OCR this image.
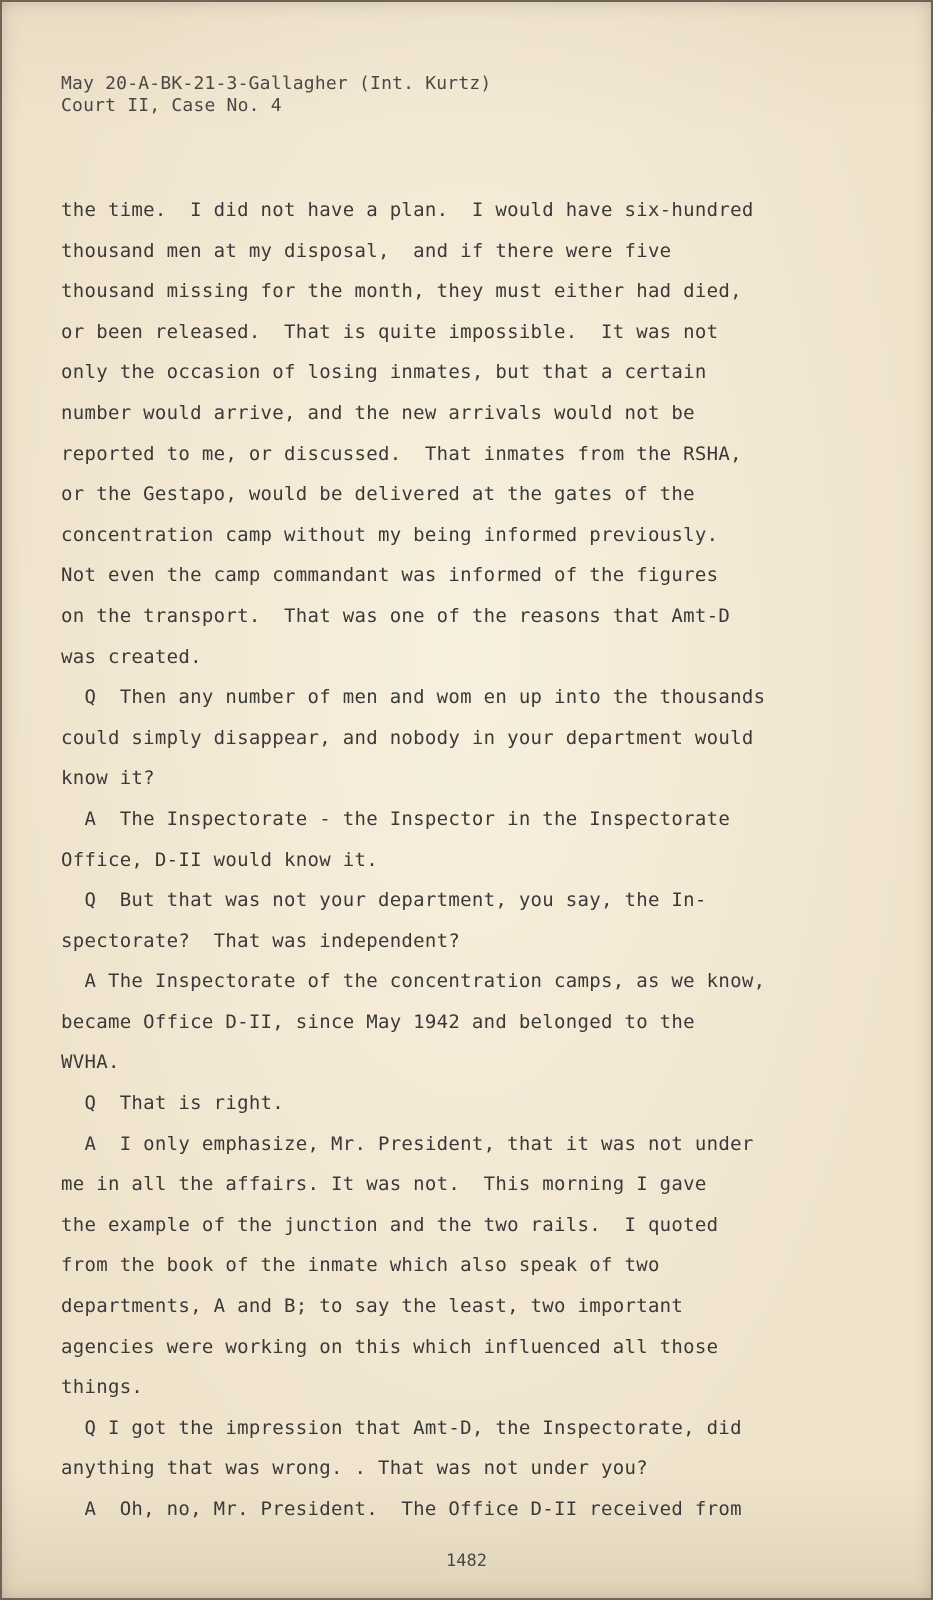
May 20-A-BK-21-3-Gallagher (Int. Kurtz)
Court II, Case No. 4
the time.  I did not have a plan.  I would have six-hundred
thousand men at my disposal,  and if there were five
thousand missing for the month, they must either had died,
or been released.  That is quite impossible.  It was not
only the occasion of losing inmates, but that a certain
number would arrive, and the new arrivals would not be
reported to me, or discussed.  That inmates from the RSHA,
or the Gestapo, would be delivered at the gates of the
concentration camp without my being informed previously.
Not even the camp commandant was informed of the figures
on the transport.  That was one of the reasons that Amt-D
was created.
Q  Then any number of men and wom en up into the thousands
could simply disappear, and nobody in your department would
know it?
A  The Inspectorate - the Inspector in the Inspectorate
Office, D-II would know it.
Q  But that was not your department, you say, the In-
spectorate?  That was independent?
A The Inspectorate of the concentration camps, as we know,
became Office D-II, since May 1942 and belonged to the
WVHA.
Q  That is right.
A  I only emphasize, Mr. President, that it was not under
me in all the affairs. It was not.  This morning I gave
the example of the junction and the two rails.  I quoted
from the book of the inmate which also speak of two
departments, A and B; to say the least, two important
agencies were working on this which influenced all those
things.
Q I got the impression that Amt-D, the Inspectorate, did
anything that was wrong. . That was not under you?
A  Oh, no, Mr. President.  The Office D-II received from
1482
